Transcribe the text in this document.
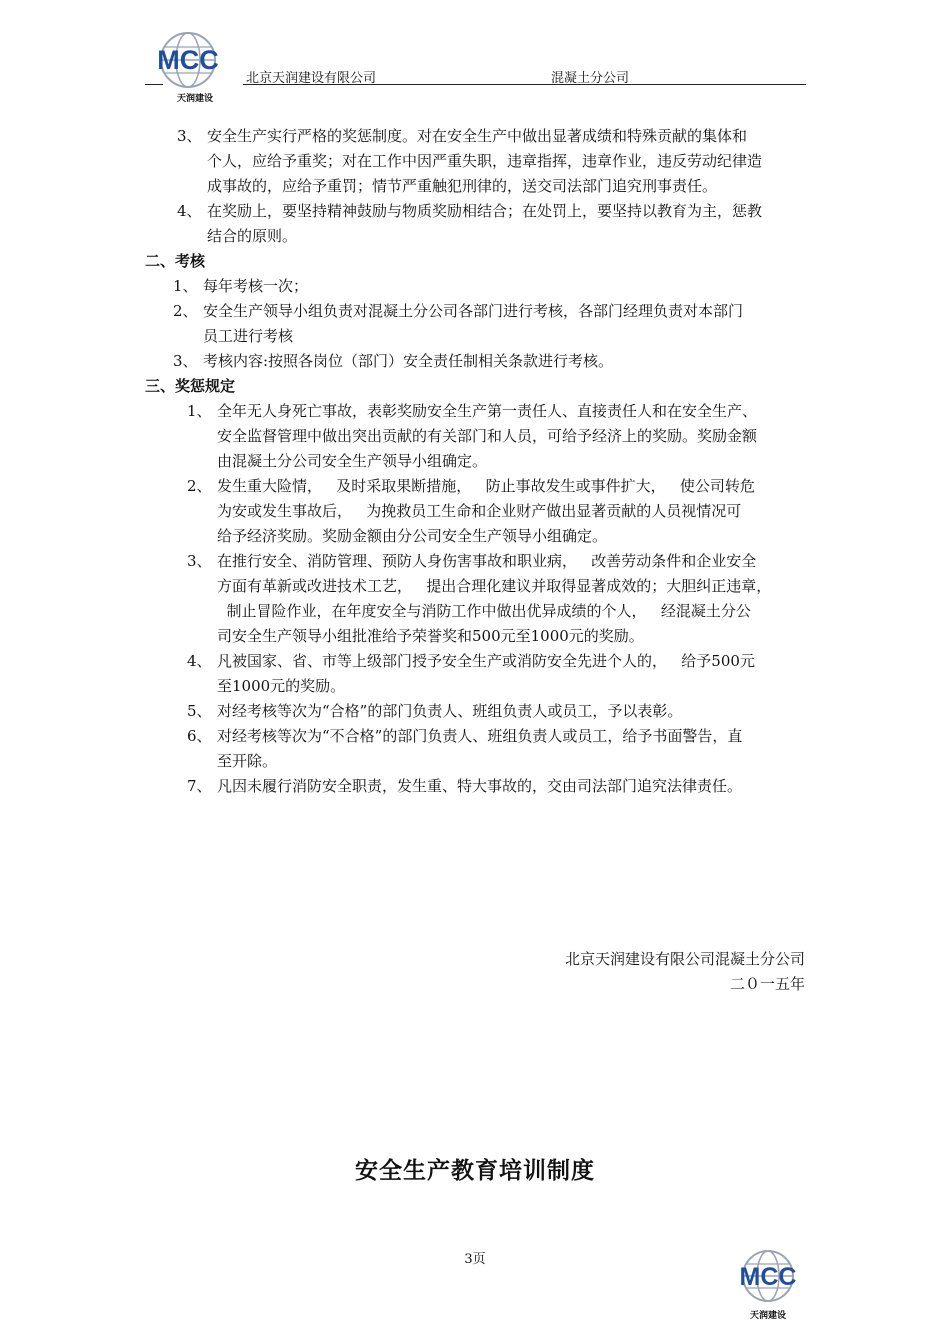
MCC
天润建设
北京天润建设有限公司	混凝土分公司
3、 安全生产实行严格的奖惩制度。对在安全生产中做出显著成绩和特殊贡献的集体和
个人，应给予重奖；对在工作中因严重失职，违章指挥，违章作业，违反劳动纪律造
成事故的，应给予重罚；情节严重触犯刑律的，送交司法部门追究刑事责任。
4、 在奖励上，要坚持精神鼓励与物质奖励相结合；在处罚上，要坚持以教育为主，惩教
结合的原则。
二、考核
1、 每年考核一次；
2、 安全生产领导小组负责对混凝土分公司各部门进行考核，各部门经理负责对本部门
员工进行考核
3、 考核内容:按照各岗位（部门）安全责任制相关条款进行考核。
三、奖惩规定
1、 全年无人身死亡事故，表彰奖励安全生产第一责任人、直接责任人和在安全生产、
安全监督管理中做出突出贡献的有关部门和人员，可给予经济上的奖励。奖励金额
由混凝土分公司安全生产领导小组确定。
2、 发生重大险情，   及时采取果断措施，   防止事故发生或事件扩大，   使公司转危
为安或发生事故后，   为挽救员工生命和企业财产做出显著贡献的人员视情况可
给予经济奖励。奖励金额由分公司安全生产领导小组确定。
3、 在推行安全、消防管理、预防人身伤害事故和职业病，   改善劳动条件和企业安全
方面有革新或改进技术工艺，   提出合理化建议并取得显著成效的；大胆纠正违章，
制止冒险作业，在年度安全与消防工作中做出优异成绩的个人，   经混凝土分公
司安全生产领导小组批准给予荣誉奖和500元至1000元的奖励。
4、 凡被国家、省、市等上级部门授予安全生产或消防安全先进个人的，   给予500元
至1000元的奖励。
5、 对经考核等次为“合格”的部门负责人、班组负责人或员工，予以表彰。
6、 对经考核等次为“不合格”的部门负责人、班组负责人或员工，给予书面警告，直
至开除。
7、 凡因未履行消防安全职责，发生重、特大事故的，交由司法部门追究法律责任。
北京天润建设有限公司混凝土分公司
二０一五年
安全生产教育培训制度
3页
MCC
天润建设
